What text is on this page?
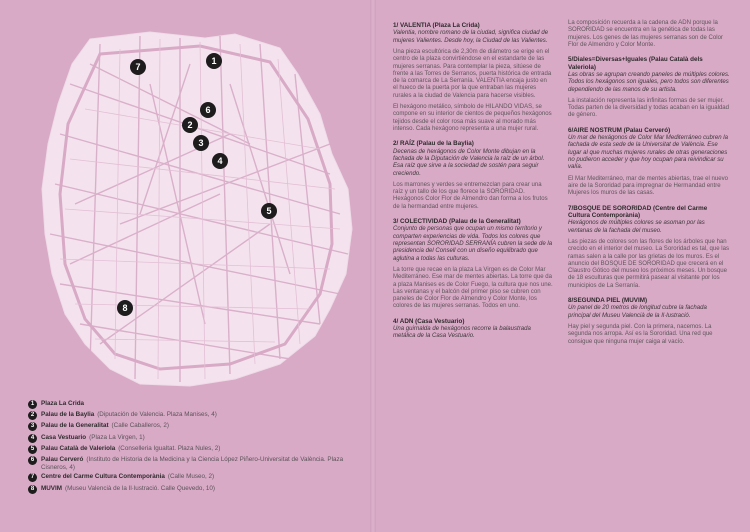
7
1
6
2
3
4
5
8
1	Plaza La Crida
2	Palau de la Baylia (Diputación de Valencia. Plaza Manises, 4)
3	Palau de la Generalitat (Calle Caballeros, 2)
4	Casa Vestuario (Plaza La Virgen, 1)
5	Palau Català de Valeriola (Conselleria Igualtat. Plaza Nules, 2)
6	Palau Cerveró (Instituto de Historia de la Medicina y la Ciencia López Piñero-Universitat de València. Plaza Cisneros, 4)
7	Centre del Carme Cultura Contemporània (Calle Museo, 2)
8	MUVIM (Museu Valencià de la Il·lustració. Calle Quevedo, 10)
1/ VALENTIA (Plaza La Crida)
Valentia, nombre romano de la ciudad, significa ciudad de mujeres Valientes. Desde hoy, la Ciudad de las Valientes.
Una pieza escultórica de 2,30m de diámetro se erige en el centro de la plaza convirtiéndose en el estandarte de las mujeres serranas. Para contemplar la pieza, sitúese de frente a las Torres de Serranos, puerta histórica de entrada de la comarca de La Serranía. VALENTIA encaja justo en el hueco de la puerta por la que entraban las mujeres rurales a la ciudad de Valencia para hacerse visibles.
El hexágono metálico, símbolo de HILANDO VIDAS, se compone en su interior de cientos de pequeños hexágonos tejidos desde el color rosa más suave al morado más intenso. Cada hexágono representa a una mujer rural.
2/ RAÍZ (Palau de la Baylia)
Decenas de hexágonos de Color Monte dibujan en la fachada de la Diputación de Valencia la raíz de un árbol. Esa raíz que sirve a la sociedad de sostén para seguir creciendo.
Los marrones y verdes se entremezclan para crear una raíz y un tallo de los que florece la SORORIDAD. Hexágonos Color Flor de Almendro dan forma a los frutos de la hermandad entre mujeres.
3/ COLECTIVIDAD (Palau de la Generalitat)
Conjunto de personas que ocupan un mismo territorio y comparten experiencias de vida. Todos los colores que representan SORORIDAD SERRANÍA cubren la sede de la presidencia del Consell con un diseño equilibrado que aglutina a todas las culturas.
La torre que recae en la plaza La Virgen es de Color Mar Mediterráneo. Ese mar de mentes abiertas. La torre que da a plaza Manises es de Color Fuego, la cultura que nos une. Las ventanas y el balcón del primer piso se cubren con paneles de Color Flor de Almendro y Color Monte, los colores de las mujeres serranas. Todos en uno.
4/ ADN (Casa Vestuario)
Una guirnalda de hexágonos recorre la balaustrada metálica de la Casa Vestuario.
La composición recuerda a la cadena de ADN porque la SORORIDAD se encuentra en la genética de todas las mujeres. Los genes de las mujeres serranas son de Color Flor de Almendro y Color Monte.
5/Diales=Diversas+Iguales (Palau Català dels Valeriola)
Las obras se agrupan creando paneles de múltiples colores. Todos los hexágonos son iguales, pero todos son diferentes dependiendo de las manos de su artista.
La instalación representa las infinitas formas de ser mujer. Todas parten de la diversidad y todas acaban en la igualdad de género.
6/AIRE NOSTRUM (Palau Cerveró)
Un mar de hexágonos de Color Mar Mediterráneo cubren la fachada de esta sede de la Universitat de València. Ese lugar al que muchas mujeres rurales de otras generaciones no pudieron acceder y que hoy ocupan para reivindicar su valía.
El Mar Mediterráneo, mar de mentes abiertas, trae el nuevo aire de la Sororidad para impregnar de Hermandad entre Mujeres los muros de las casas.
7/BOSQUE DE SORORIDAD (Centre del Carme Cultura Contemporània)
Hexágonos de múltiples colores se asoman por las ventanas de la fachada del museo.
Las piezas de colores son las flores de los árboles que han crecido en el interior del museo. La Sororidad es tal, que las ramas salen a la calle por las grietas de los muros. Es el anuncio del BOSQUE DE SORORIDAD que crecerá en el Claustro Gótico del museo los próximos meses. Un bosque de 18 esculturas que permitirá pasear al visitante por los municipios de La Serranía.
8/SEGUNDA PIEL (MUVIM)
Un panel de 20 metros de longitud cubre la fachada principal del Museu Valencià de la Il·lustració.
Hay piel y segunda piel. Con la primera, nacemos. La segunda nos arropa. Así es la Sororidad. Una red que consigue que ninguna mujer caiga al vacío.
